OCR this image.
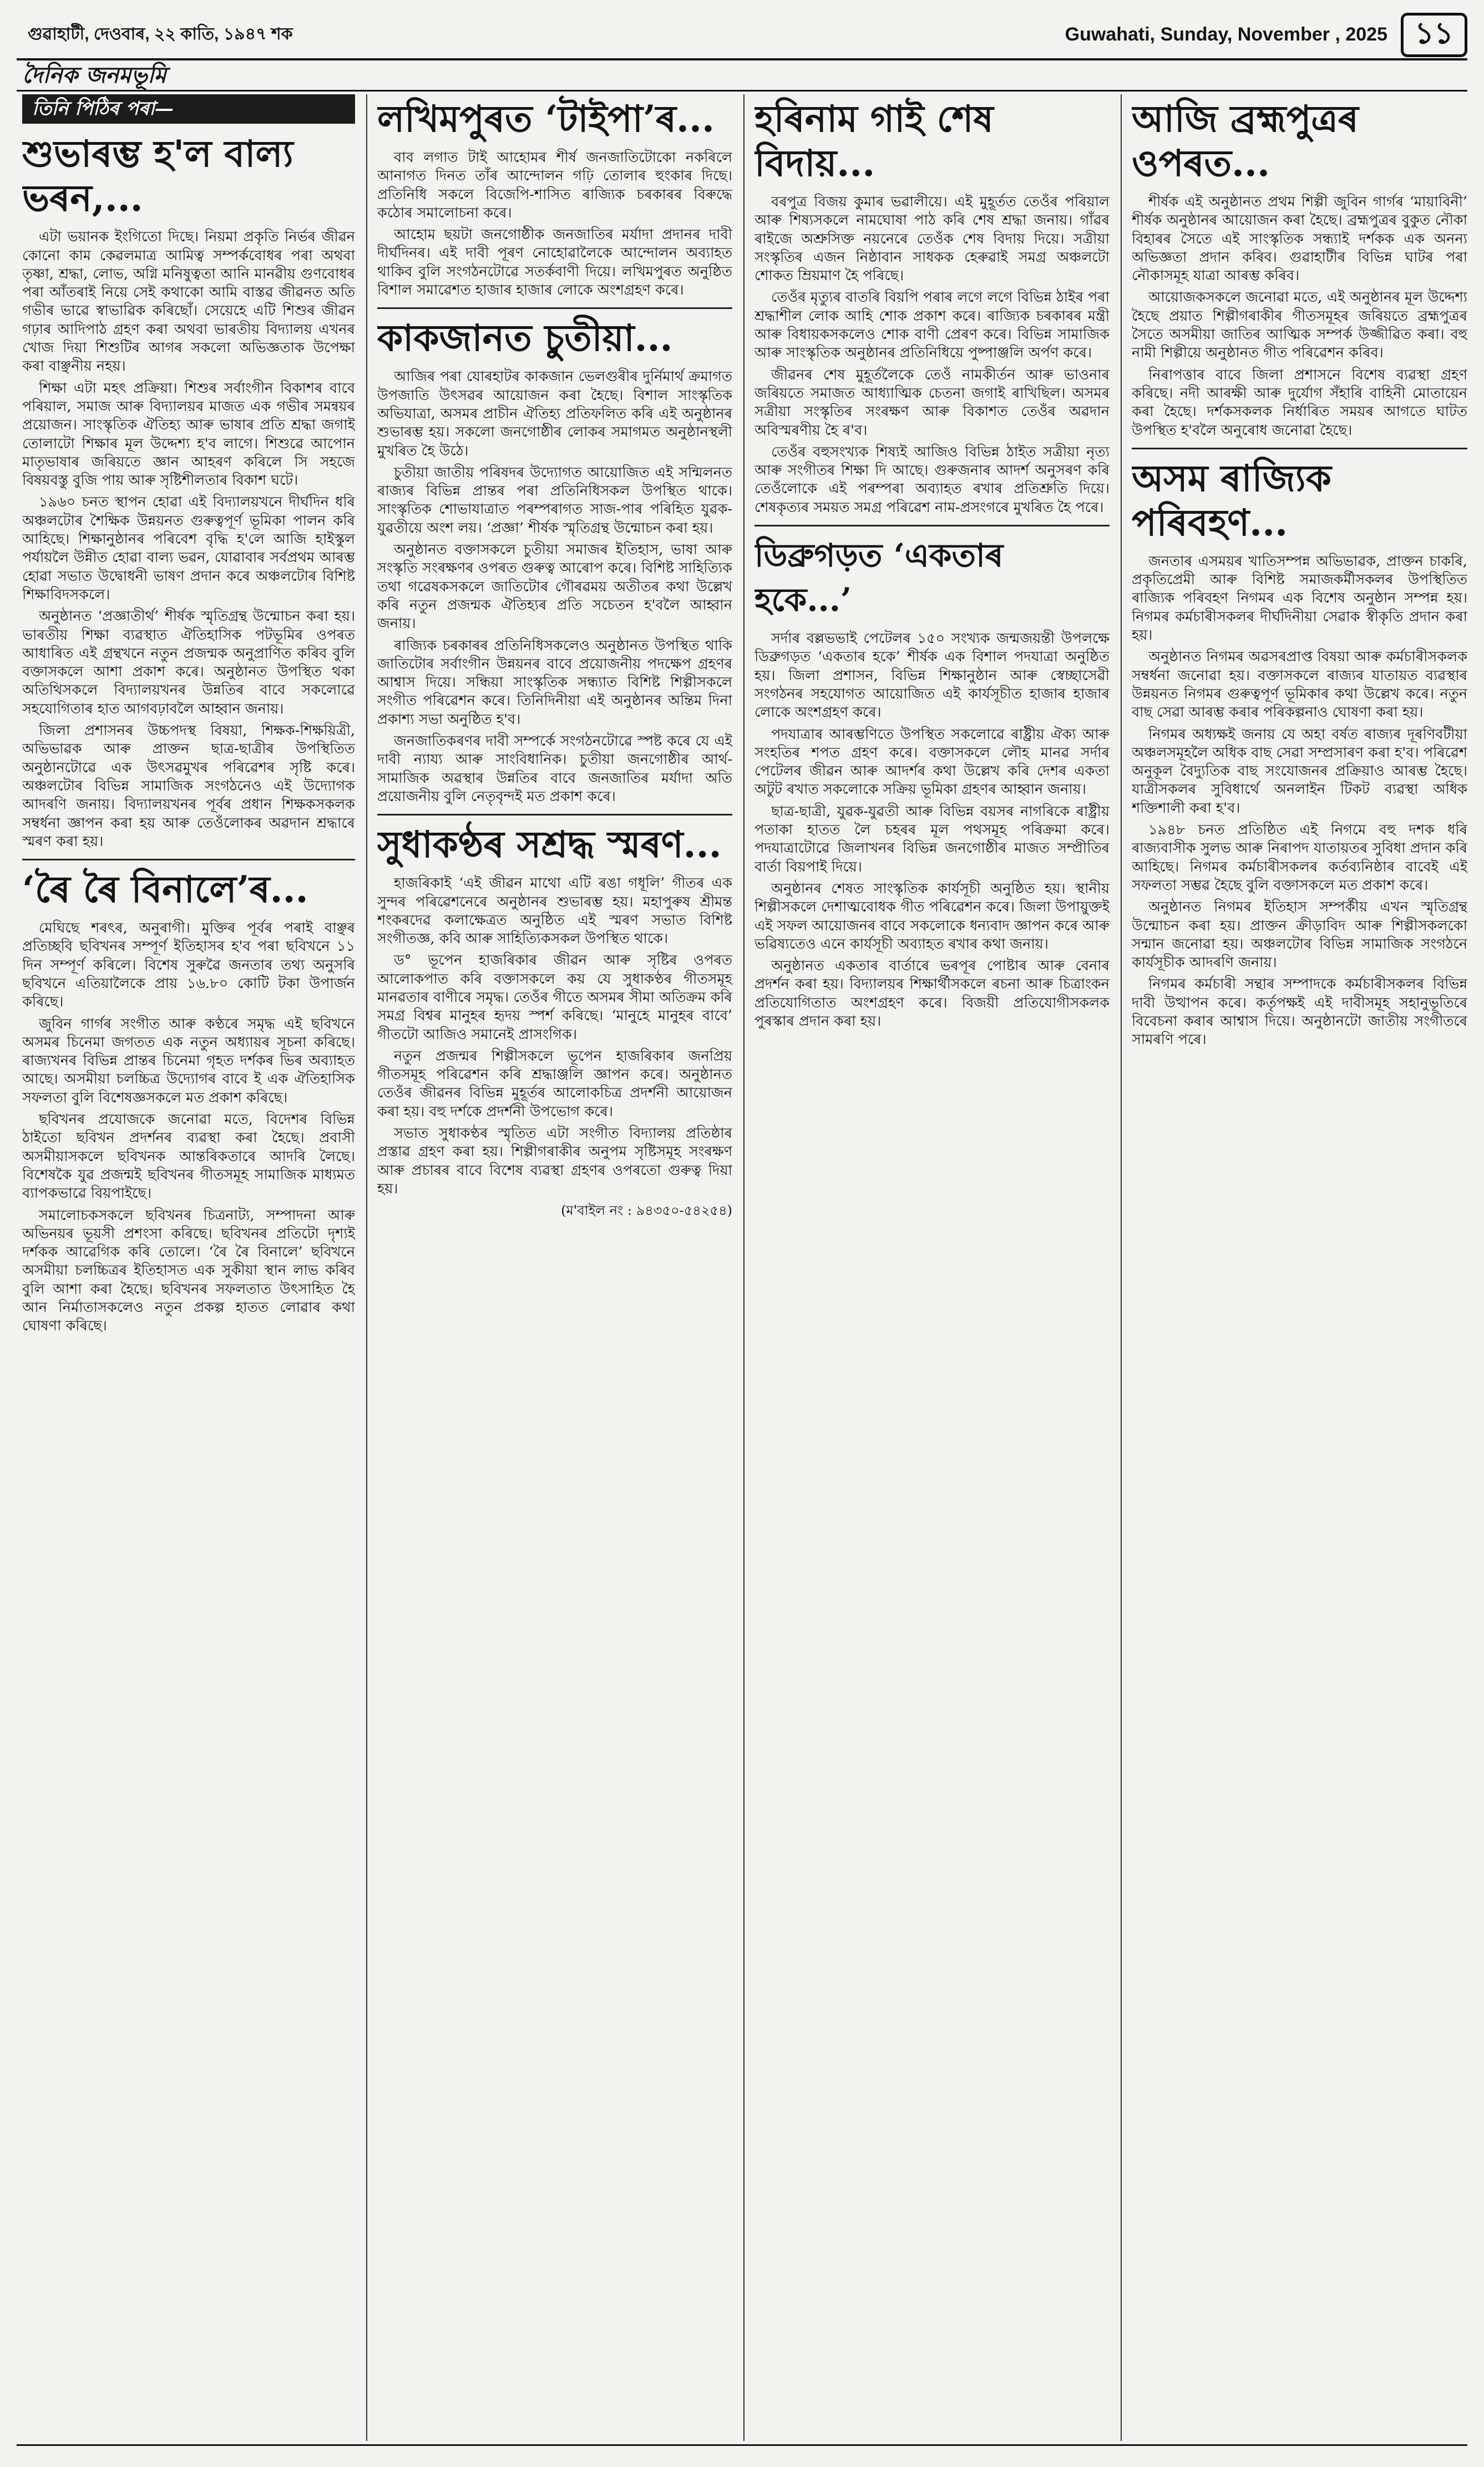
গুৱাহাটী, দেওবাৰ, ২২ কাতি, ১৯৪৭ শক	Guwahati, Sunday, November , 2025 ১১
দৈনিক জনমভূমি
তিনি পিঠিৰ পৰা—
শুভাৰম্ভ হ'ল বাল্য ভৰন,...

এটা ভয়ানক ইংগিতো দিছে। নিয়মা প্ৰকৃতি নিৰ্ভৰ জীৱন কোনো কাম কেৱলমাত্ৰ আমিত্ব সম্পৰ্কবোধৰ পৰা অথবা তৃষ্ণা, শ্ৰদ্ধা, লোভ, অগ্নি মনিষুত্বতা আনি মানৱীয় গুণবোধৰ পৰা আঁতৰাই নিয়ে সেই কথাকো আমি বাস্তৱ জীৱনত অতি গভীৰ ভাৱে স্বাভাৱিক কৰিছোঁ। সেয়েহে এটি শিশুৰ জীৱন গঢ়াৰ আদিপাঠ গ্ৰহণ কৰা অথবা ভাৰতীয় বিদ্যালয় এখনৰ খোজ দিয়া শিশুটিৰ আগৰ সকলো অভিজ্ঞতাক উপেক্ষা কৰা বাঞ্ছনীয় নহয়।

শিক্ষা এটা মহৎ প্ৰক্ৰিয়া। শিশুৰ সৰ্বাংগীন বিকাশৰ বাবে পৰিয়াল, সমাজ আৰু বিদ্যালয়ৰ মাজত এক গভীৰ সমন্বয়ৰ প্ৰয়োজন। সাংস্কৃতিক ঐতিহ্য আৰু ভাষাৰ প্ৰতি শ্ৰদ্ধা জগাই তোলাটো শিক্ষাৰ মূল উদ্দেশ্য হ'ব লাগে। শিশুৱে আপোন মাতৃভাষাৰ জৰিয়তে জ্ঞান আহৰণ কৰিলে সি সহজে বিষয়বস্তু বুজি পায় আৰু সৃষ্টিশীলতাৰ বিকাশ ঘটে।

১৯৬০ চনত স্থাপন হোৱা এই বিদ্যালয়খনে দীৰ্ঘদিন ধৰি অঞ্চলটোৰ শৈক্ষিক উন্নয়নত গুৰুত্বপূৰ্ণ ভূমিকা পালন কৰি আহিছে। শিক্ষানুষ্ঠানৰ পৰিবেশ বৃদ্ধি হ'লে আজি হাইস্কুল পৰ্যায়লৈ উন্নীত হোৱা বাল্য ভৱন, যোৱাবাৰ সৰ্বপ্ৰথম আৰম্ভ হোৱা সভাত উদ্বোধনী ভাষণ প্ৰদান কৰে অঞ্চলটোৰ বিশিষ্ট শিক্ষাবিদসকলে।

অনুষ্ঠানত ‘প্ৰজ্ঞাতীৰ্থ’ শীৰ্ষক স্মৃতিগ্ৰন্থ উন্মোচন কৰা হয়। ভাৰতীয় শিক্ষা ব্যৱস্থাত ঐতিহাসিক পটভূমিৰ ওপৰত আধাৰিত এই গ্ৰন্থখনে নতুন প্ৰজন্মক অনুপ্ৰাণিত কৰিব বুলি বক্তাসকলে আশা প্ৰকাশ কৰে। অনুষ্ঠানত উপস্থিত থকা অতিথিসকলে বিদ্যালয়খনৰ উন্নতিৰ বাবে সকলোৱে সহযোগিতাৰ হাত আগবঢ়াবলৈ আহ্বান জনায়।

জিলা প্ৰশাসনৰ উচ্চপদস্থ বিষয়া, শিক্ষক-শিক্ষয়িত্ৰী, অভিভাৱক আৰু প্ৰাক্তন ছাত্ৰ-ছাত্ৰীৰ উপস্থিতিত অনুষ্ঠানটোৱে এক উৎসৱমুখৰ পৰিৱেশৰ সৃষ্টি কৰে। অঞ্চলটোৰ বিভিন্ন সামাজিক সংগঠনেও এই উদ্যোগক আদৰণি জনায়। বিদ্যালয়খনৰ পূৰ্বৰ প্ৰধান শিক্ষকসকলক সম্বৰ্ধনা জ্ঞাপন কৰা হয় আৰু তেওঁলোকৰ অৱদান শ্ৰদ্ধাৰে স্মৰণ কৰা হয়।

‘ৰৈ ৰৈ বিনালে’ৰ...

মেঘিছে শৰৎৰ, অনুৰাগী। মুক্তিৰ পূৰ্বৰ পৰাই বাঞ্ছৰ প্ৰতিচ্ছবি ছবিখনৰ সম্পূৰ্ণ ইতিহাসৰ হ'ব পৰা ছবিখনে ১১ দিন সম্পূৰ্ণ কৰিলে। বিশেষ সুৰুৱৈ জনতাৰ তথ্য অনুসৰি ছবিখনে এতিয়ালৈকে প্ৰায় ১৬.৮০ কোটি টকা উপাৰ্জন কৰিছে।

জুবিন গাৰ্গৰ সংগীত আৰু কণ্ঠৰে সমৃদ্ধ এই ছবিখনে অসমৰ চিনেমা জগতত এক নতুন অধ্যায়ৰ সূচনা কৰিছে। ৰাজ্যখনৰ বিভিন্ন প্ৰান্তৰ চিনেমা গৃহত দৰ্শকৰ ভিৰ অব্যাহত আছে। অসমীয়া চলচ্চিত্ৰ উদ্যোগৰ বাবে ই এক ঐতিহাসিক সফলতা বুলি বিশেষজ্ঞসকলে মত প্ৰকাশ কৰিছে।

ছবিখনৰ প্ৰযোজকে জনোৱা মতে, বিদেশৰ বিভিন্ন ঠাইতো ছবিখন প্ৰদৰ্শনৰ ব্যৱস্থা কৰা হৈছে। প্ৰবাসী অসমীয়াসকলে ছবিখনক আন্তৰিকতাৰে আদৰি লৈছে। বিশেষকৈ যুৱ প্ৰজন্মই ছবিখনৰ গীতসমূহ সামাজিক মাধ্যমত ব্যাপকভাৱে বিয়পাইছে।

সমালোচকসকলে ছবিখনৰ চিত্ৰনাট্য, সম্পাদনা আৰু অভিনয়ৰ ভূয়সী প্ৰশংসা কৰিছে। ছবিখনৰ প্ৰতিটো দৃশ্যই দৰ্শকক আৱেগিক কৰি তোলে। ‘ৰৈ ৰৈ বিনালে’ ছবিখনে অসমীয়া চলচ্চিত্ৰৰ ইতিহাসত এক সুকীয়া স্থান লাভ কৰিব বুলি আশা কৰা হৈছে। ছবিখনৰ সফলতাত উৎসাহিত হৈ আন নিৰ্মাতাসকলেও নতুন প্ৰকল্প হাতত লোৱাৰ কথা ঘোষণা কৰিছে।

লখিমপুৰত ‘টাইপা’ৰ...

বাব লগাত টাই আহোমৰ শীৰ্ষ জনজাতিটোকো নকৰিলে আনাগত দিনত তাঁৰ আন্দোলন গঢ়ি তোলাৰ হুংকাৰ দিছে। প্ৰতিনিধি সকলে বিজেপি-শাসিত ৰাজ্যিক চৰকাৰৰ বিৰুদ্ধে কঠোৰ সমালোচনা কৰে।

আহোম ছয়টা জনগোষ্ঠীক জনজাতিৰ মৰ্যাদা প্ৰদানৰ দাবী দীৰ্ঘদিনৰ। এই দাবী পূৰণ নোহোৱালৈকে আন্দোলন অব্যাহত থাকিব বুলি সংগঠনটোৱে সতৰ্কবাণী দিয়ে। লখিমপুৰত অনুষ্ঠিত বিশাল সমাৱেশত হাজাৰ হাজাৰ লোকে অংশগ্ৰহণ কৰে।

কাকজানত চুতীয়া...

আজিৰ পৰা যোৰহাটৰ কাকজান ভেলগুৰীৰ দুৰ্নিমাৰ্থ ক্ৰমাগত উপজাতি উৎসৱৰ আয়োজন কৰা হৈছে। বিশাল সাংস্কৃতিক অভিযাত্ৰা, অসমৰ প্ৰাচীন ঐতিহ্য প্ৰতিফলিত কৰি এই অনুষ্ঠানৰ শুভাৰম্ভ হয়। সকলো জনগোষ্ঠীৰ লোকৰ সমাগমত অনুষ্ঠানস্থলী মুখৰিত হৈ উঠে।

চুতীয়া জাতীয় পৰিষদৰ উদ্যোগত আয়োজিত এই সন্মিলনত ৰাজ্যৰ বিভিন্ন প্ৰান্তৰ পৰা প্ৰতিনিধিসকল উপস্থিত থাকে। সাংস্কৃতিক শোভাযাত্ৰাত পৰম্পৰাগত সাজ-পাৰ পৰিহিত যুৱক-যুৱতীয়ে অংশ লয়। ‘প্ৰজ্ঞা’ শীৰ্ষক স্মৃতিগ্ৰন্থ উন্মোচন কৰা হয়।

অনুষ্ঠানত বক্তাসকলে চুতীয়া সমাজৰ ইতিহাস, ভাষা আৰু সংস্কৃতি সংৰক্ষণৰ ওপৰত গুৰুত্ব আৰোপ কৰে। বিশিষ্ট সাহিত্যিক তথা গৱেষকসকলে জাতিটোৰ গৌৰৱময় অতীতৰ কথা উল্লেখ কৰি নতুন প্ৰজন্মক ঐতিহ্যৰ প্ৰতি সচেতন হ'বলৈ আহ্বান জনায়।

ৰাজ্যিক চৰকাৰৰ প্ৰতিনিধিসকলেও অনুষ্ঠানত উপস্থিত থাকি জাতিটোৰ সৰ্বাংগীন উন্নয়নৰ বাবে প্ৰয়োজনীয় পদক্ষেপ গ্ৰহণৰ আশ্বাস দিয়ে। সন্ধিয়া সাংস্কৃতিক সন্ধ্যাত বিশিষ্ট শিল্পীসকলে সংগীত পৰিৱেশন কৰে। তিনিদিনীয়া এই অনুষ্ঠানৰ অন্তিম দিনা প্ৰকাশ্য সভা অনুষ্ঠিত হ'ব।

জনজাতিকৰণৰ দাবী সম্পৰ্কে সংগঠনটোৱে স্পষ্ট কৰে যে এই দাবী ন্যায্য আৰু সাংবিধানিক। চুতীয়া জনগোষ্ঠীৰ আৰ্থ-সামাজিক অৱস্থাৰ উন্নতিৰ বাবে জনজাতিৰ মৰ্যাদা অতি প্ৰয়োজনীয় বুলি নেতৃবৃন্দই মত প্ৰকাশ কৰে।

সুধাকণ্ঠৰ সশ্ৰদ্ধ স্মৰণ...

হাজৰিকাই ‘এই জীৱন মাথো এটি ৰঙা গধূলি’ গীতৰ এক সুন্দৰ পৰিৱেশনেৰে অনুষ্ঠানৰ শুভাৰম্ভ হয়। মহাপুৰুষ শ্ৰীমন্ত শংকৰদেৱ কলাক্ষেত্ৰত অনুষ্ঠিত এই স্মৰণ সভাত বিশিষ্ট সংগীতজ্ঞ, কবি আৰু সাহিত্যিকসকল উপস্থিত থাকে।

ড° ভূপেন হাজৰিকাৰ জীৱন আৰু সৃষ্টিৰ ওপৰত আলোকপাত কৰি বক্তাসকলে কয় যে সুধাকণ্ঠৰ গীতসমূহ মানৱতাৰ বাণীৰে সমৃদ্ধ। তেওঁৰ গীতে অসমৰ সীমা অতিক্ৰম কৰি সমগ্ৰ বিশ্বৰ মানুহৰ হৃদয় স্পৰ্শ কৰিছে। ‘মানুহে মানুহৰ বাবে’ গীতটো আজিও সমানেই প্ৰাসংগিক।

নতুন প্ৰজন্মৰ শিল্পীসকলে ভূপেন হাজৰিকাৰ জনপ্ৰিয় গীতসমূহ পৰিৱেশন কৰি শ্ৰদ্ধাঞ্জলি জ্ঞাপন কৰে। অনুষ্ঠানত তেওঁৰ জীৱনৰ বিভিন্ন মুহূৰ্তৰ আলোকচিত্ৰ প্ৰদৰ্শনী আয়োজন কৰা হয়। বহু দৰ্শকে প্ৰদৰ্শনী উপভোগ কৰে।

সভাত সুধাকণ্ঠৰ স্মৃতিত এটা সংগীত বিদ্যালয় প্ৰতিষ্ঠাৰ প্ৰস্তাৱ গ্ৰহণ কৰা হয়। শিল্পীগৰাকীৰ অনুপম সৃষ্টিসমূহ সংৰক্ষণ আৰু প্ৰচাৰৰ বাবে বিশেষ ব্যৱস্থা গ্ৰহণৰ ওপৰতো গুৰুত্ব দিয়া হয়।

(ম'বাইল নং : ৯৪৩৫০-৫৪২৫৪)
হৰিনাম গাই শেষ বিদায়...

বৰপুত্ৰ বিজয় কুমাৰ ভৱালীয়ে। এই মুহূৰ্তত তেওঁৰ পৰিয়াল আৰু শিষ্যসকলে নামঘোষা পাঠ কৰি শেষ শ্ৰদ্ধা জনায়। গাঁৱৰ ৰাইজে অশ্ৰুসিক্ত নয়নেৰে তেওঁক শেষ বিদায় দিয়ে। সত্ৰীয়া সংস্কৃতিৰ এজন নিষ্ঠাবান সাধকক হেৰুৱাই সমগ্ৰ অঞ্চলটো শোকত ম্ৰিয়মাণ হৈ পৰিছে।

তেওঁৰ মৃত্যুৰ বাতৰি বিয়পি পৰাৰ লগে লগে বিভিন্ন ঠাইৰ পৰা শ্ৰদ্ধাশীল লোক আহি শোক প্ৰকাশ কৰে। ৰাজ্যিক চৰকাৰৰ মন্ত্ৰী আৰু বিধায়কসকলেও শোক বাণী প্ৰেৰণ কৰে। বিভিন্ন সামাজিক আৰু সাংস্কৃতিক অনুষ্ঠানৰ প্ৰতিনিধিয়ে পুষ্পাঞ্জলি অৰ্পণ কৰে।

জীৱনৰ শেষ মুহূৰ্তলৈকে তেওঁ নামকীৰ্তন আৰু ভাওনাৰ জৰিয়তে সমাজত আধ্যাত্মিক চেতনা জগাই ৰাখিছিল। অসমৰ সত্ৰীয়া সংস্কৃতিৰ সংৰক্ষণ আৰু বিকাশত তেওঁৰ অৱদান অবিস্মৰণীয় হৈ ৰ'ব।

তেওঁৰ বহুসংখ্যক শিষ্যই আজিও বিভিন্ন ঠাইত সত্ৰীয়া নৃত্য আৰু সংগীতৰ শিক্ষা দি আছে। গুৰুজনাৰ আদৰ্শ অনুসৰণ কৰি তেওঁলোকে এই পৰম্পৰা অব্যাহত ৰখাৰ প্ৰতিশ্ৰুতি দিয়ে। শেষকৃত্যৰ সময়ত সমগ্ৰ পৰিৱেশ নাম-প্ৰসংগৰে মুখৰিত হৈ পৰে।

ডিব্ৰুগড়ত ‘একতাৰ হকে...’

সৰ্দাৰ বল্লভভাই পেটেলৰ ১৫০ সংখ্যক জন্মজয়ন্তী উপলক্ষে ডিব্ৰুগড়ত ‘একতাৰ হকে’ শীৰ্ষক এক বিশাল পদযাত্ৰা অনুষ্ঠিত হয়। জিলা প্ৰশাসন, বিভিন্ন শিক্ষানুষ্ঠান আৰু স্বেচ্ছাসেৱী সংগঠনৰ সহযোগত আয়োজিত এই কাৰ্যসূচীত হাজাৰ হাজাৰ লোকে অংশগ্ৰহণ কৰে।

পদযাত্ৰাৰ আৰম্ভণিতে উপস্থিত সকলোৱে ৰাষ্ট্ৰীয় ঐক্য আৰু সংহতিৰ শপত গ্ৰহণ কৰে। বক্তাসকলে লৌহ মানৱ সৰ্দাৰ পেটেলৰ জীৱন আৰু আদৰ্শৰ কথা উল্লেখ কৰি দেশৰ একতা অটুট ৰখাত সকলোকে সক্ৰিয় ভূমিকা গ্ৰহণৰ আহ্বান জনায়।

ছাত্ৰ-ছাত্ৰী, যুৱক-যুৱতী আৰু বিভিন্ন বয়সৰ নাগৰিকে ৰাষ্ট্ৰীয় পতাকা হাতত লৈ চহৰৰ মূল পথসমূহ পৰিক্ৰমা কৰে। পদযাত্ৰাটোৱে জিলাখনৰ বিভিন্ন জনগোষ্ঠীৰ মাজত সম্প্ৰীতিৰ বাৰ্তা বিয়পাই দিয়ে।

অনুষ্ঠানৰ শেষত সাংস্কৃতিক কাৰ্যসূচী অনুষ্ঠিত হয়। স্থানীয় শিল্পীসকলে দেশাত্মবোধক গীত পৰিৱেশন কৰে। জিলা উপায়ুক্তই এই সফল আয়োজনৰ বাবে সকলোকে ধন্যবাদ জ্ঞাপন কৰে আৰু ভৱিষ্যতেও এনে কাৰ্যসূচী অব্যাহত ৰখাৰ কথা জনায়।

অনুষ্ঠানত একতাৰ বাৰ্তাৰে ভৰপূৰ পোষ্টাৰ আৰু বেনাৰ প্ৰদৰ্শন কৰা হয়। বিদ্যালয়ৰ শিক্ষাৰ্থীসকলে ৰচনা আৰু চিত্ৰাংকন প্ৰতিযোগিতাত অংশগ্ৰহণ কৰে। বিজয়ী প্ৰতিযোগীসকলক পুৰস্কাৰ প্ৰদান কৰা হয়।

আজি ব্ৰহ্মপুত্ৰৰ ওপৰত...

শীৰ্ষক এই অনুষ্ঠানত প্ৰথম শিল্পী জুবিন গাৰ্গৰ ‘মায়াবিনী’ শীৰ্ষক অনুষ্ঠানৰ আয়োজন কৰা হৈছে। ব্ৰহ্মপুত্ৰৰ বুকুত নৌকা বিহাৰৰ সৈতে এই সাংস্কৃতিক সন্ধ্যাই দৰ্শকক এক অনন্য অভিজ্ঞতা প্ৰদান কৰিব। গুৱাহাটীৰ বিভিন্ন ঘাটৰ পৰা নৌকাসমূহ যাত্ৰা আৰম্ভ কৰিব।

আয়োজকসকলে জনোৱা মতে, এই অনুষ্ঠানৰ মূল উদ্দেশ্য হৈছে প্ৰয়াত শিল্পীগৰাকীৰ গীতসমূহৰ জৰিয়তে ব্ৰহ্মপুত্ৰৰ সৈতে অসমীয়া জাতিৰ আত্মিক সম্পৰ্ক উজ্জীৱিত কৰা। বহু নামী শিল্পীয়ে অনুষ্ঠানত গীত পৰিৱেশন কৰিব।

নিৰাপত্তাৰ বাবে জিলা প্ৰশাসনে বিশেষ ব্যৱস্থা গ্ৰহণ কৰিছে। নদী আৰক্ষী আৰু দুৰ্যোগ সঁহাৰি বাহিনী মোতায়েন কৰা হৈছে। দৰ্শকসকলক নিৰ্ধাৰিত সময়ৰ আগতে ঘাটত উপস্থিত হ'বলৈ অনুৰোধ জনোৱা হৈছে।

অসম ৰাজ্যিক পৰিবহণ...

জনতাৰ এসময়ৰ খাতিসম্পন্ন অভিভাৱক, প্ৰাক্তন চাকৰি, প্ৰকৃতিপ্ৰেমী আৰু বিশিষ্ট সমাজকৰ্মীসকলৰ উপস্থিতিত ৰাজ্যিক পৰিবহণ নিগমৰ এক বিশেষ অনুষ্ঠান সম্পন্ন হয়। নিগমৰ কৰ্মচাৰীসকলৰ দীৰ্ঘদিনীয়া সেৱাক স্বীকৃতি প্ৰদান কৰা হয়।

অনুষ্ঠানত নিগমৰ অৱসৰপ্ৰাপ্ত বিষয়া আৰু কৰ্মচাৰীসকলক সম্বৰ্ধনা জনোৱা হয়। বক্তাসকলে ৰাজ্যৰ যাতায়ত ব্যৱস্থাৰ উন্নয়নত নিগমৰ গুৰুত্বপূৰ্ণ ভূমিকাৰ কথা উল্লেখ কৰে। নতুন বাছ সেৱা আৰম্ভ কৰাৰ পৰিকল্পনাও ঘোষণা কৰা হয়।

নিগমৰ অধ্যক্ষই জনায় যে অহা বৰ্ষত ৰাজ্যৰ দূৰণিবটীয়া অঞ্চলসমূহলৈ অধিক বাছ সেৱা সম্প্ৰসাৰণ কৰা হ'ব। পৰিৱেশ অনুকূল বৈদ্যুতিক বাছ সংযোজনৰ প্ৰক্ৰিয়াও আৰম্ভ হৈছে। যাত্ৰীসকলৰ সুবিধাৰ্থে অনলাইন টিকট ব্যৱস্থা অধিক শক্তিশালী কৰা হ'ব।

১৯৪৮ চনত প্ৰতিষ্ঠিত এই নিগমে বহু দশক ধৰি ৰাজ্যবাসীক সুলভ আৰু নিৰাপদ যাতায়তৰ সুবিধা প্ৰদান কৰি আহিছে। নিগমৰ কৰ্মচাৰীসকলৰ কৰ্তব্যনিষ্ঠাৰ বাবেই এই সফলতা সম্ভৱ হৈছে বুলি বক্তাসকলে মত প্ৰকাশ কৰে।

অনুষ্ঠানত নিগমৰ ইতিহাস সম্পৰ্কীয় এখন স্মৃতিগ্ৰন্থ উন্মোচন কৰা হয়। প্ৰাক্তন ক্ৰীড়াবিদ আৰু শিল্পীসকলকো সন্মান জনোৱা হয়। অঞ্চলটোৰ বিভিন্ন সামাজিক সংগঠনে কাৰ্যসূচীক আদৰণি জনায়।

নিগমৰ কৰ্মচাৰী সন্থাৰ সম্পাদকে কৰ্মচাৰীসকলৰ বিভিন্ন দাবী উত্থাপন কৰে। কৰ্তৃপক্ষই এই দাবীসমূহ সহানুভূতিৰে বিবেচনা কৰাৰ আশ্বাস দিয়ে। অনুষ্ঠানটো জাতীয় সংগীতৰে সামৰণি পৰে।
